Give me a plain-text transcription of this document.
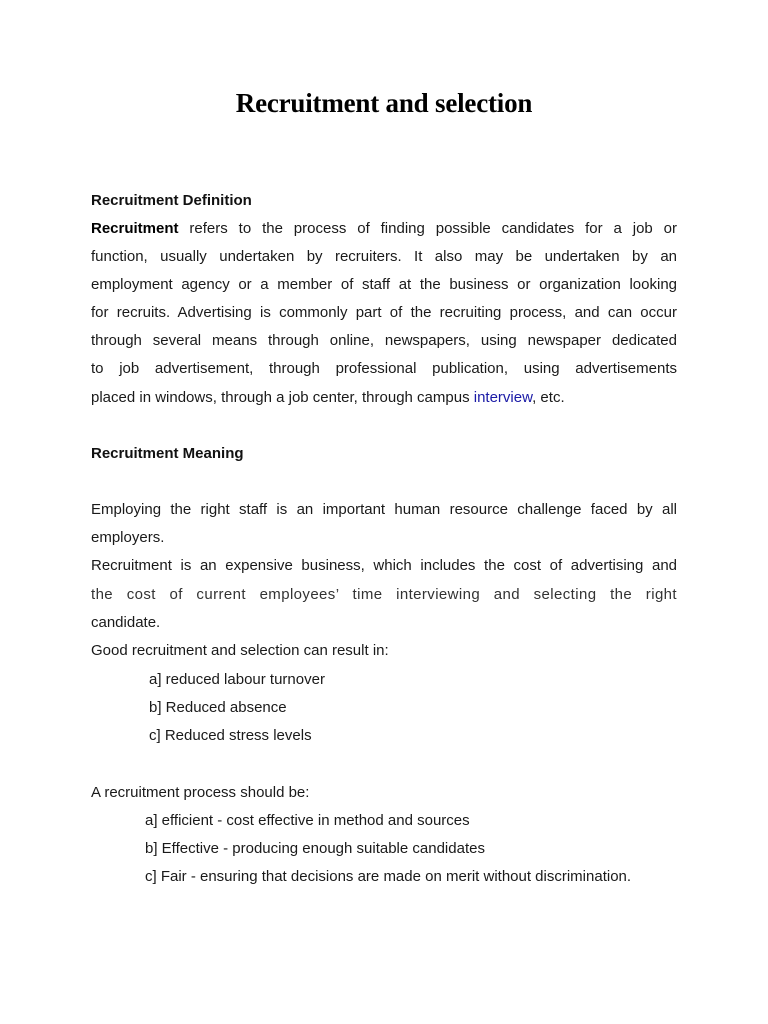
Recruitment and selection
Recruitment Definition
Recruitment refers to the process of finding possible candidates for a job or
function, usually undertaken by recruiters. It also may be undertaken by an
employment agency or a member of staff at the business or organization looking
for recruits. Advertising is commonly part of the recruiting process, and can occur
through several means through online, newspapers, using newspaper dedicated
to job advertisement, through professional publication, using advertisements
placed in windows, through a job center, through campus interview, etc.
Recruitment Meaning
Employing the right staff is an important human resource challenge faced by all
employers.
Recruitment is an expensive business, which includes the cost of advertising and
the cost of current employees’ time interviewing and selecting the right
candidate.
Good recruitment and selection can result in:
a] reduced labour turnover
b] Reduced absence
c] Reduced stress levels
A recruitment process should be:
a] efficient - cost effective in method and sources
b] Effective - producing enough suitable candidates
c] Fair - ensuring that decisions are made on merit without discrimination.
